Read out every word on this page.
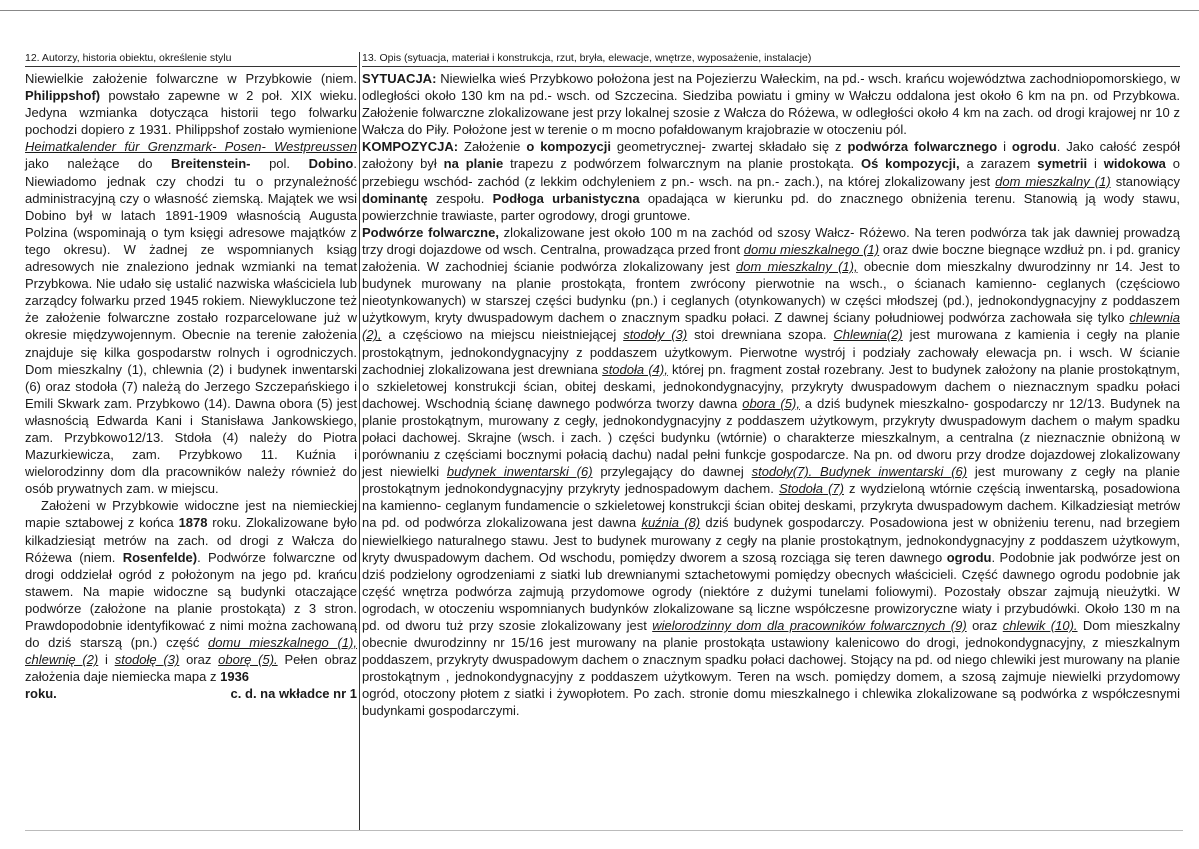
12. Autorzy, historia obiektu, określenie stylu

Niewielkie założenie folwarczne w Przybkowie (niem. Philippshof) powstało zapewne w 2 poł. XIX wieku. Jedyna wzmianka dotycząca historii tego folwarku pochodzi dopiero z 1931. Philippshof zostało wymienione Heimatkalender für Grenzmark- Posen- Westpreussen jako należące do Breitenstein- pol. Dobino. Niewiadomo jednak czy chodzi tu o przynależność administracyjną czy o własność ziemską. Majątek we wsi Dobino był w latach 1891-1909 własnością Augusta Polzina (wspominają o tym księgi adresowe majątków z tego okresu). W żadnej ze wspomnianych ksiąg adresowych nie znaleziono jednak wzmianki na temat Przybkowa. Nie udało się ustalić nazwiska właściciela lub zarządcy folwarku przed 1945 rokiem. Niewykluczone też że założenie folwarczne zostało rozparcelowane już w okresie międzywojennym. Obecnie na terenie założenia znajduje się kilka gospodarstw rolnych i ogrodniczych. Dom mieszkalny (1), chlewnia (2) i budynek inwentarski (6) oraz stodoła (7) należą do Jerzego Szczepańskiego i Emili Skwark zam. Przybkowo (14). Dawna obora (5) jest własnością Edwarda Kani i Stanisława Jankowskiego, zam. Przybkowo12/13. Stdoła (4) należy do Piotra Mazurkiewicza, zam. Przybkowo 11. Kuźnia i wielorodzinny dom dla pracowników należy również do osób prywatnych zam. w miejscu.

Założeni w Przybkowie widoczne jest na niemieckiej mapie sztabowej z końca 1878 roku. Zlokalizowane było kilkadziesiąt metrów na zach. od drogi z Wałcza do Różewa (niem. Rosenfelde). Podwórze folwarczne od drogi oddzielał ogród z położonym na jego pd. krańcu stawem. Na mapie widoczne są budynki otaczające podwórze (założone na planie prostokąta) z 3 stron. Prawdopodobnie identyfikować z nimi można zachowaną do dziś starszą (pn.) część domu mieszkalnego (1), chlewnię (2) i stodołę (3) oraz oborę (5). Pełen obraz założenia daje niemiecka mapa z 1936

roku.	c. d. na wkładce nr 1
13. Opis (sytuacja, materiał i konstrukcja, rzut, bryła, elewacje, wnętrze, wyposażenie, instalacje)

SYTUACJA: Niewielka wieś Przybkowo położona jest na Pojezierzu Wałeckim, na pd.- wsch. krańcu województwa zachodniopomorskiego, w odległości około 130 km na pd.- wsch. od Szczecina. Siedziba powiatu i gminy w Wałczu oddalona jest około 6 km na pn. od Przybkowa. Założenie folwarczne zlokalizowane jest przy lokalnej szosie z Wałcza do Różewa, w odległości około 4 km na zach. od drogi krajowej nr 10 z Wałcza do Piły. Położone jest w terenie o m mocno pofałdowanym krajobrazie w otoczeniu pól.

KOMPOZYCJA: Założenie o kompozycji geometrycznej- zwartej składało się z podwórza folwarcznego i ogrodu. Jako całość zespół założony był na planie trapezu z podwórzem folwarcznym na planie prostokąta. Oś kompozycji, a zarazem symetrii i widokowa o przebiegu wschód- zachód (z lekkim odchyleniem z pn.- wsch. na pn.- zach.), na której zlokalizowany jest dom mieszkalny (1) stanowiący dominantę zespołu. Podłoga urbanistyczna opadająca w kierunku pd. do znacznego obniżenia terenu. Stanowią ją wody stawu, powierzchnie trawiaste, parter ogrodowy, drogi gruntowe.

Podwórze folwarczne, zlokalizowane jest około 100 m na zachód od szosy Wałcz- Różewo. Na teren podwórza tak jak dawniej prowadzą trzy drogi dojazdowe od wsch. Centralna, prowadząca przed front domu mieszkalnego (1) oraz dwie boczne biegnące wzdłuż pn. i pd. granicy założenia. W zachodniej ścianie podwórza zlokalizowany jest dom mieszkalny (1), obecnie dom mieszkalny dwurodzinny nr 14. Jest to budynek murowany na planie prostokąta, frontem zwrócony pierwotnie na wsch., o ścianach kamienno- ceglanych (częściowo nieotynkowanych) w starszej części budynku (pn.) i ceglanych (otynkowanych) w części młodszej (pd.), jednokondygnacyjny z poddaszem użytkowym, kryty dwuspadowym dachem o znacznym spadku połaci. Z dawnej ściany południowej podwórza zachowała się tylko chlewnia (2), a częściowo na miejscu nieistniejącej stodoły (3) stoi drewniana szopa. Chlewnia(2) jest murowana z kamienia i cegły na planie prostokątnym, jednokondygnacyjny z poddaszem użytkowym. Pierwotne wystrój i podziały zachowały elewacja pn. i wsch. W ścianie zachodniej zlokalizowana jest drewniana stodoła (4), której pn. fragment został rozebrany. Jest to budynek założony na planie prostokątnym, o szkieletowej konstrukcji ścian, obitej deskami, jednokondygnacyjny, przykryty dwuspadowym dachem o nieznacznym spadku połaci dachowej. Wschodnią ścianę dawnego podwórza tworzy dawna obora (5), a dziś budynek mieszkalno- gospodarczy nr 12/13. Budynek na planie prostokątnym, murowany z cegły, jednokondygnacyjny z poddaszem użytkowym, przykryty dwuspadowym dachem o małym spadku połaci dachowej. Skrajne (wsch. i zach. ) części budynku (wtórnie) o charakterze mieszkalnym, a centralna (z nieznacznie obniżoną w porównaniu z częściami bocznymi połacią dachu) nadal pełni funkcje gospodarcze. Na pn. od dworu przy drodze dojazdowej zlokalizowany jest niewielki budynek inwentarski (6) przylegający do dawnej stodoły(7). Budynek inwentarski (6) jest murowany z cegły na planie prostokątnym jednokondygnacyjny przykryty jednospadowym dachem. Stodoła (7) z wydzieloną wtórnie częścią inwentarską, posadowiona na kamienno- ceglanym fundamencie o szkieletowej konstrukcji ścian obitej deskami, przykryta dwuspadowym dachem. Kilkadziesiąt metrów na pd. od podwórza zlokalizowana jest dawna kuźnia (8) dziś budynek gospodarczy. Posadowiona jest w obniżeniu terenu, nad brzegiem niewielkiego naturalnego stawu. Jest to budynek murowany z cegły na planie prostokątnym, jednokondygnacyjny z poddaszem użytkowym, kryty dwuspadowym dachem. Od wschodu, pomiędzy dworem a szosą rozciąga się teren dawnego ogrodu. Podobnie jak podwórze jest on dziś podzielony ogrodzeniami z siatki lub drewnianymi sztachetowymi pomiędzy obecnych właścicieli. Część dawnego ogrodu podobnie jak część wnętrza podwórza zajmują przydomowe ogrody (niektóre z dużymi tunelami foliowymi). Pozostały obszar zajmują nieużytki. W ogrodach, w otoczeniu wspomnianych budynków zlokalizowane są liczne współczesne prowizoryczne wiaty i przybudówki. Około 130 m na pd. od dworu tuż przy szosie zlokalizowany jest wielorodzinny dom dla pracowników folwarcznych (9) oraz chlewik (10). Dom mieszkalny obecnie dwurodzinny nr 15/16 jest murowany na planie prostokąta ustawiony kalenicowo do drogi, jednokondygnacyjny, z mieszkalnym poddaszem, przykryty dwuspadowym dachem o znacznym spadku połaci dachowej. Stojący na pd. od niego chlewiki jest murowany na planie prostokątnym , jednokondygnacyjny z poddaszem użytkowym. Teren na wsch. pomiędzy domem, a szosą zajmuje niewielki przydomowy ogród, otoczony płotem z siatki i żywopłotem. Po zach. stronie domu mieszkalnego i chlewika zlokalizowane są podwórka z współczesnymi budynkami gospodarczymi.
